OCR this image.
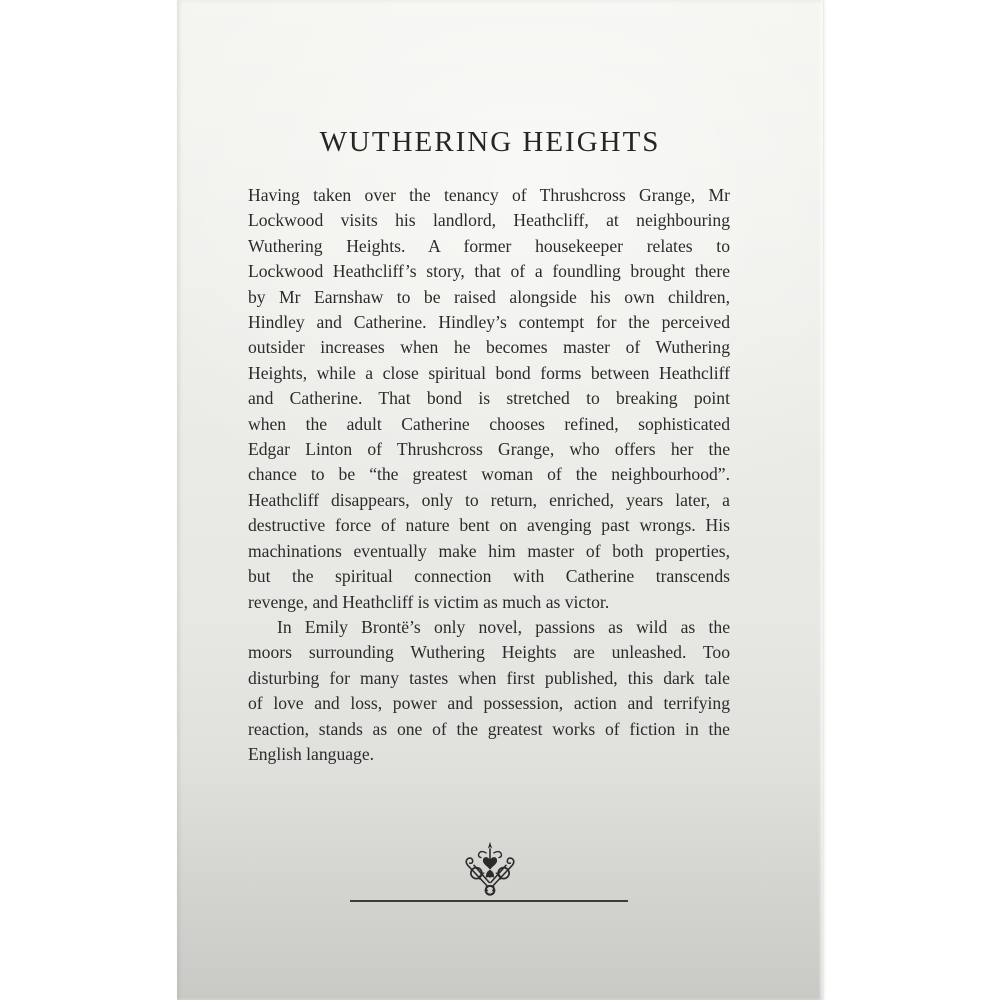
WUTHERING HEIGHTS
Having taken over the tenancy of Thrushcross Grange, Mr
Lockwood visits his landlord, Heathcliff, at neighbouring
Wuthering Heights. A former housekeeper relates to
Lockwood Heathcliff’s story, that of a foundling brought there
by Mr Earnshaw to be raised alongside his own children,
Hindley and Catherine. Hindley’s contempt for the perceived
outsider increases when he becomes master of Wuthering
Heights, while a close spiritual bond forms between Heathcliff
and Catherine. That bond is stretched to breaking point
when the adult Catherine chooses refined, sophisticated
Edgar Linton of Thrushcross Grange, who offers her the
chance to be “the greatest woman of the neighbourhood”.
Heathcliff disappears, only to return, enriched, years later, a
destructive force of nature bent on avenging past wrongs. His
machinations eventually make him master of both properties,
but the spiritual connection with Catherine transcends
revenge, and Heathcliff is victim as much as victor.
In Emily Brontë’s only novel, passions as wild as the
moors surrounding Wuthering Heights are unleashed. Too
disturbing for many tastes when first published, this dark tale
of love and loss, power and possession, action and terrifying
reaction, stands as one of the greatest works of fiction in the
English language.
